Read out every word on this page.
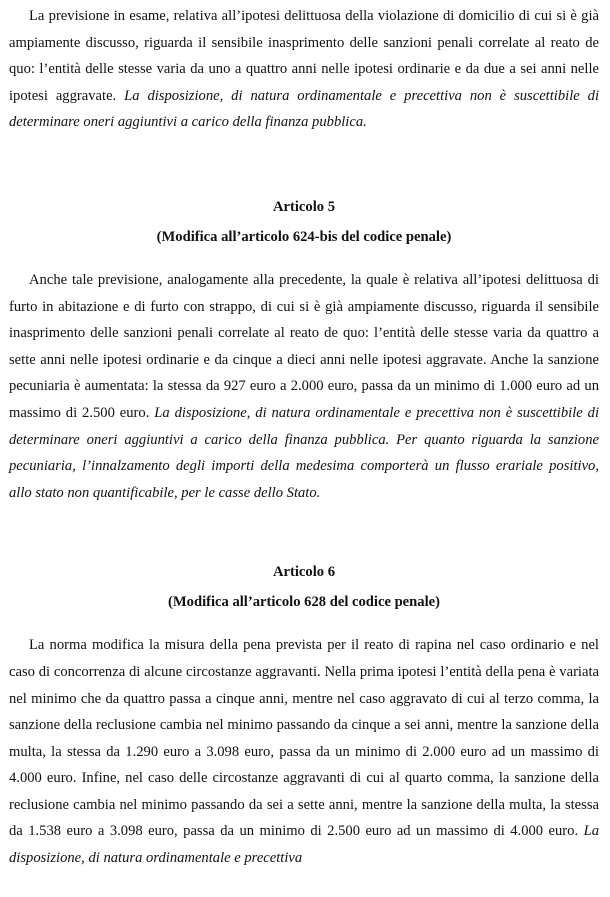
La previsione in esame, relativa all’ipotesi delittuosa della violazione di domicilio di cui si è già ampiamente discusso, riguarda il sensibile inasprimento delle sanzioni penali correlate al reato de quo: l’entità delle stesse varia da uno a quattro anni nelle ipotesi ordinarie e da due a sei anni nelle ipotesi aggravate. La disposizione, di natura ordinamentale e precettiva non è suscettibile di determinare oneri aggiuntivi a carico della finanza pubblica.

Articolo 5
(Modifica all’articolo 624-bis del codice penale)

Anche tale previsione, analogamente alla precedente, la quale è relativa all’ipotesi delittuosa di furto in abitazione e di furto con strappo, di cui si è già ampiamente discusso, riguarda il sensibile inasprimento delle sanzioni penali correlate al reato de quo: l’entità delle stesse varia da quattro a sette anni nelle ipotesi ordinarie e da cinque a dieci anni nelle ipotesi aggravate. Anche la sanzione pecuniaria è aumentata: la stessa da 927 euro a 2.000 euro, passa da un minimo di 1.000 euro ad un massimo di 2.500 euro. La disposizione, di natura ordinamentale e precettiva non è suscettibile di determinare oneri aggiuntivi a carico della finanza pubblica. Per quanto riguarda la sanzione pecuniaria, l’innalzamento degli importi della medesima comporterà un flusso erariale positivo, allo stato non quantificabile, per le casse dello Stato.

Articolo 6
(Modifica all’articolo 628 del codice penale)

La norma modifica la misura della pena prevista per il reato di rapina nel caso ordinario e nel caso di concorrenza di alcune circostanze aggravanti. Nella prima ipotesi l’entità della pena è variata nel minimo che da quattro passa a cinque anni, mentre nel caso aggravato di cui al terzo comma, la sanzione della reclusione cambia nel minimo passando da cinque a sei anni, mentre la sanzione della multa, la stessa da 1.290 euro a 3.098 euro, passa da un minimo di 2.000 euro ad un massimo di 4.000 euro. Infine, nel caso delle circostanze aggravanti di cui al quarto comma, la sanzione della reclusione cambia nel minimo passando da sei a sette anni, mentre la sanzione della multa, la stessa da 1.538 euro a 3.098 euro, passa da un minimo di 2.500 euro ad un massimo di 4.000 euro. La disposizione, di natura ordinamentale e precettiva
